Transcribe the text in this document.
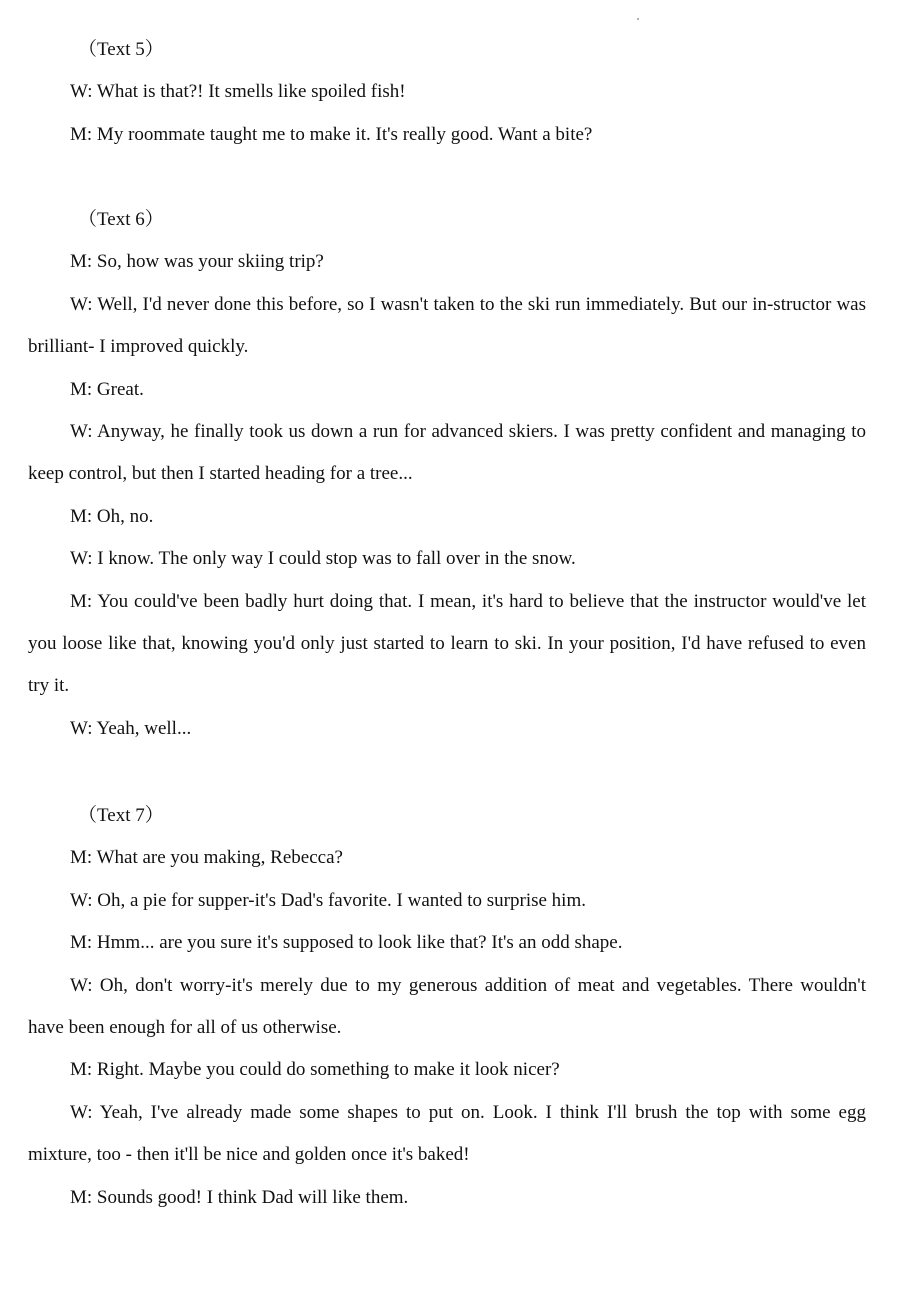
（Text 5）

W: What is that?! It smells like spoiled fish!

M: My roommate taught me to make it. It's really good. Want a bite?

（Text 6）

M: So, how was your skiing trip?

W: Well, I'd never done this before, so I wasn't taken to the ski run immediately. But our in-structor was brilliant- I improved quickly.

M: Great.

W: Anyway, he finally took us down a run for advanced skiers. I was pretty confident and managing to keep control, but then I started heading for a tree...

M: Oh, no.

W: I know. The only way I could stop was to fall over in the snow.

M: You could've been badly hurt doing that. I mean, it's hard to believe that the instructor would've let you loose like that, knowing you'd only just started to learn to ski. In your position, I'd have refused to even try it.

W: Yeah, well...

（Text 7）

M: What are you making, Rebecca?

W: Oh, a pie for supper-it's Dad's favorite. I wanted to surprise him.

M: Hmm... are you sure it's supposed to look like that? It's an odd shape.

W: Oh, don't worry-it's merely due to my generous addition of meat and vegetables. There wouldn't have been enough for all of us otherwise.

M: Right. Maybe you could do something to make it look nicer?

W: Yeah, I've already made some shapes to put on. Look. I think I'll brush the top with some egg mixture, too - then it'll be nice and golden once it's baked!

M: Sounds good! I think Dad will like them.
